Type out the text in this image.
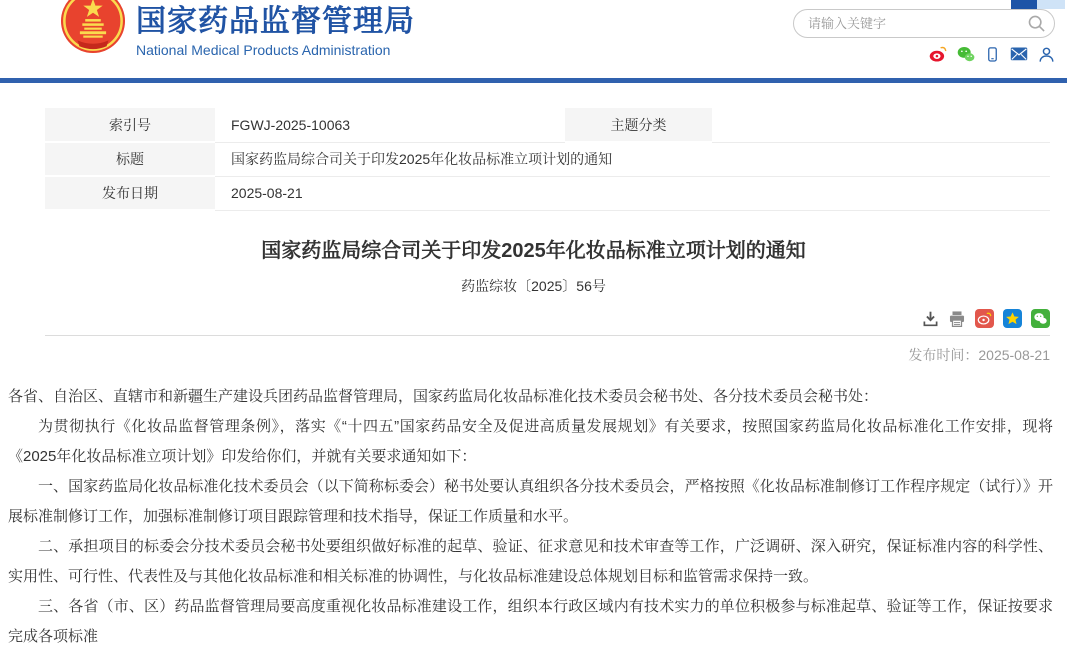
国家药品监督管理局
National Medical Products Administration
请输入关键字
索引号	FGWJ-2025-10063	主题分类	
标题	国家药监局综合司关于印发2025年化妆品标准立项计划的通知		
发布日期	2025-08-21		
国家药监局综合司关于印发2025年化妆品标准立项计划的通知
药监综妆〔2025〕56号
发布时间：2025-08-21

各省、自治区、直辖市和新疆生产建设兵团药品监督管理局，国家药监局化妆品标准化技术委员会秘书处、各分技术委员会秘书处：

为贯彻执行《化妆品监督管理条例》，落实《“十四五”国家药品安全及促进高质量发展规划》有关要求，按照国家药监局化妆品标准化工作安排，现将《2025年化妆品标准立项计划》印发给你们，并就有关要求通知如下：

一、国家药监局化妆品标准化技术委员会（以下简称标委会）秘书处要认真组织各分技术委员会，严格按照《化妆品标准制修订工作程序规定（试行）》开展标准制修订工作，加强标准制修订项目跟踪管理和技术指导，保证工作质量和水平。

二、承担项目的标委会分技术委员会秘书处要组织做好标准的起草、验证、征求意见和技术审查等工作，广泛调研、深入研究，保证标准内容的科学性、实用性、可行性、代表性及与其他化妆品标准和相关标准的协调性，与化妆品标准建设总体规划目标和监管需求保持一致。

三、各省（市、区）药品监督管理局要高度重视化妆品标准建设工作，组织本行政区域内有技术实力的单位积极参与标准起草、验证等工作，保证按要求完成各项标准
